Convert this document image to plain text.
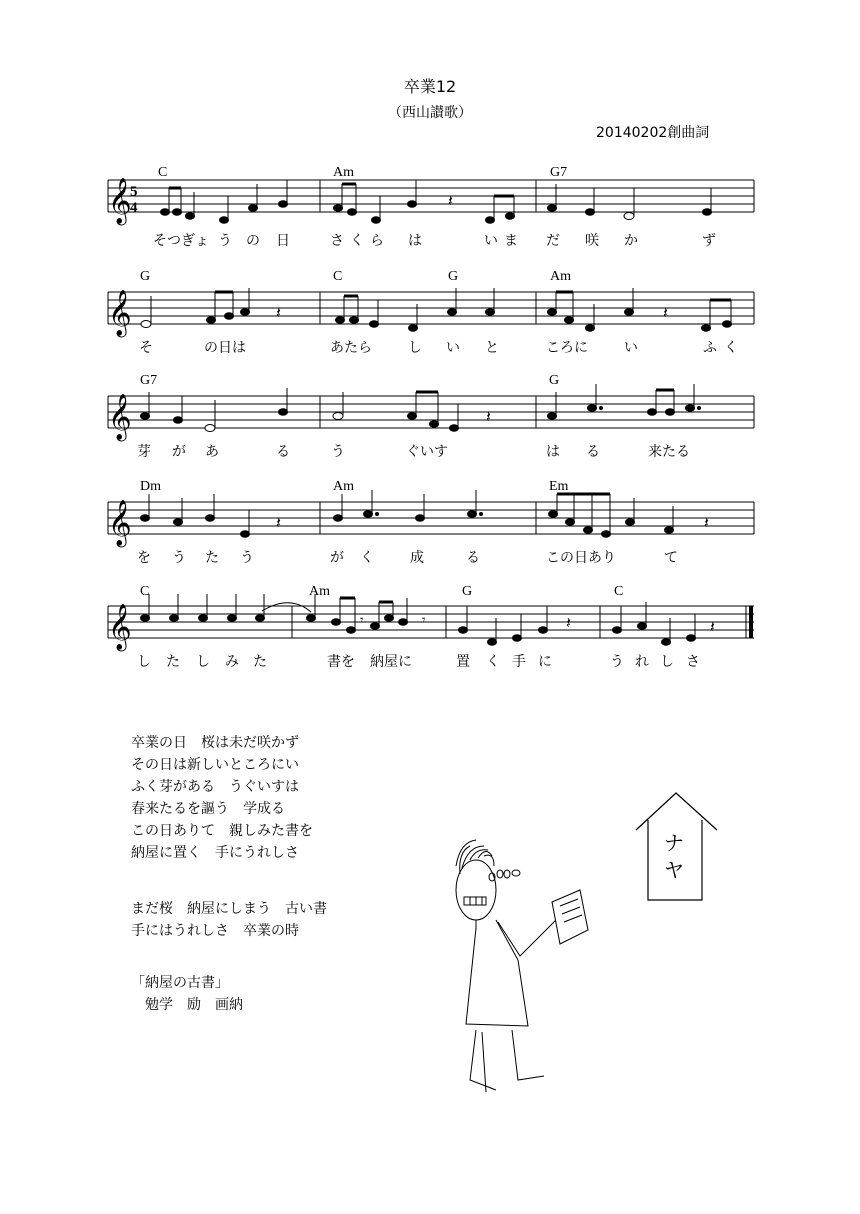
卒業12
（西山讃歌）
20140202創曲詞
𝄞
5
4	𝄽
C	Am	G7
そつぎょ う の 日	さ く ら は	い ま だ 咲 か	ず
𝄞	𝄽	𝄽
G	C	G	Am
そ	の日は	あたら	し い と	ころに	い	ふ く
𝄞	𝄽
G7	G
芽 が あ	る	う	ぐいす	は る	来たる
𝄞	𝄽	𝄽
Dm	Am	Em
を う た う	が く	成	る	この日あり	て
𝄞	𝄾	𝄾	𝄽	𝄽
C	Am	G	C
し た し み た	書を 納屋に	置 く 手 に	う れ し さ
卒業の日　桜は未だ咲かず
その日は新しいところにい
ふく芽がある　うぐいすは
春来たるを謳う　学成る
この日ありて　親しみた書を
納屋に置く　手にうれしさ
まだ桜　納屋にしまう　古い書
手にはうれしさ　卒業の時
「納屋の古書」
　勉学　励　画納
ナ
ヤ
